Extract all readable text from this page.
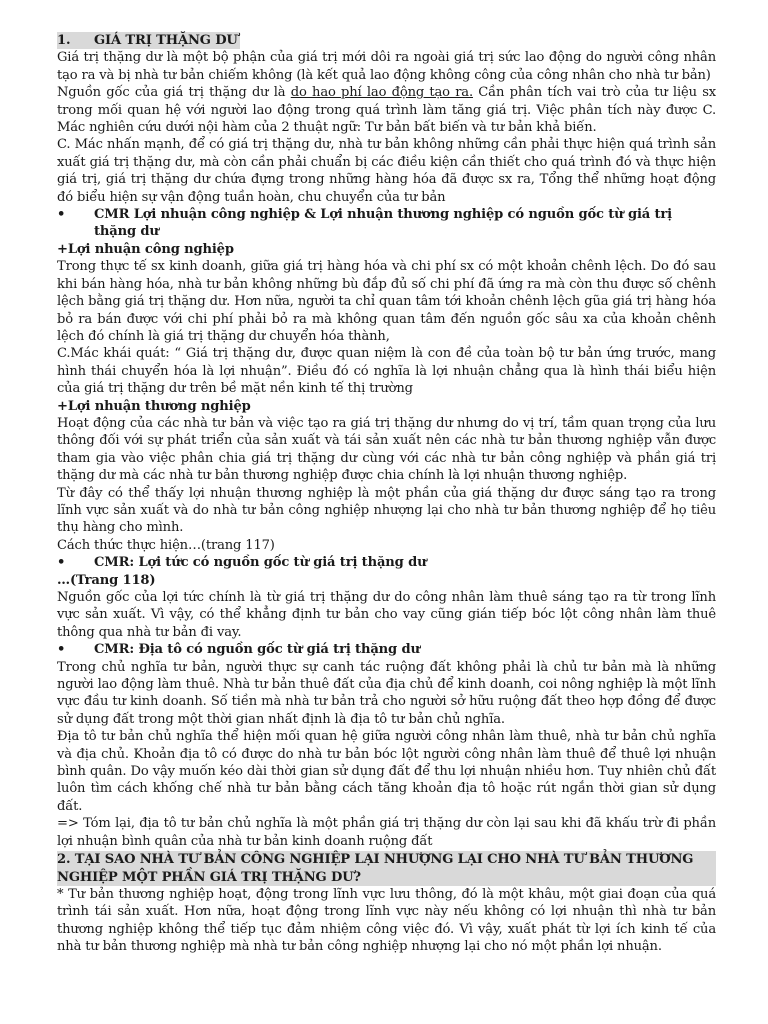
1. GIÁ TRỊ THẶNG DƯ

Giá trị thặng dư là một bộ phận của giá trị mới dôi ra ngoài giá trị sức lao động do người công nhân tạo ra và bị nhà tư bản chiếm không (là kết quả lao động không công của công nhân cho nhà tư bản)

Nguồn gốc của giá trị thặng dư là do hao phí lao động tạo ra. Cần phân tích vai trò của tư liệu sx trong mối quan hệ với người lao động trong quá trình làm tăng giá trị. Việc phân tích này được C. Mác nghiên cứu dưới nội hàm của 2 thuật ngữ: Tư bản bất biến và tư bản khả biến.

C. Mác nhấn mạnh, để có giá trị thặng dư, nhà tư bản không những cần phải thực hiện quá trình sản xuất giá trị thặng dư, mà còn cần phải chuẩn bị các điều kiện cần thiết cho quá trình đó và thực hiện giá trị, giá trị thặng dư chứa đựng trong những hàng hóa đã được sx ra, Tổng thể những hoạt động đó biểu hiện sự vận động tuần hoàn, chu chuyển của tư bản

•	CMR Lợi nhuận công nghiệp & Lợi nhuận thương nghiệp có nguồn gốc từ giá trị thặng dư

+Lợi nhuận công nghiệp

Trong thực tế sx kinh doanh, giữa giá trị hàng hóa và chi phí sx có một khoản chênh lệch. Do đó sau khi bán hàng hóa, nhà tư bản không những bù đắp đủ số chi phí đã ứng ra mà còn thu được số chênh lệch bằng giá trị thặng dư. Hơn nữa, người ta chỉ quan tâm tới khoản chênh lệch gũa giá trị hàng hóa bỏ ra bán được với chi phí phải bỏ ra mà không quan tâm đến nguồn gốc sâu xa của khoản chênh lệch đó chính là giá trị thặng dư chuyển hóa thành,

C.Mác khái quát: “ Giá trị thặng dư, được quan niệm là con đề của toàn bộ tư bản ứng trước, mang hình thái chuyển hóa là lợi nhuận”. Điều đó có nghĩa là lợi nhuận chẳng qua là hình thái biểu hiện của giá trị thặng dư trên bề mặt nền kinh tế thị trường

+Lợi nhuận thương nghiệp

Hoạt động của các nhà tư bản và việc tạo ra giá trị thặng dư nhưng do vị trí, tầm quan trọng của lưu thông đối với sự phát triển của sản xuất và tái sản xuất nên các nhà tư bản thương nghiệp vẫn được tham gia vào việc phân chia giá trị thặng dư cùng với các nhà tư bản công nghiệp và phần giá trị thặng dư mà các nhà tư bản thương nghiệp được chia chính là lợi nhuận thương nghiệp.

Từ đây có thể thấy lợi nhuận thương nghiệp là một phần của giá thặng dư được sáng tạo ra trong lĩnh vực sản xuất và do nhà tư bản công nghiệp nhượng lại cho nhà tư bản thương nghiệp để họ tiêu thụ hàng cho mình.

Cách thức thực hiện…(trang 117)

•	CMR: Lợi tức có nguồn gốc từ giá trị thặng dư

…(Trang 118)

Nguồn gốc của lợi tức chính là từ giá trị thặng dư do công nhân làm thuê sáng tạo ra từ trong lĩnh vực sản xuất. Vì vậy, có thể khẳng định tư bản cho vay cũng gián tiếp bóc lột công nhân làm thuê thông qua nhà tư bản đi vay.

•	CMR: Địa tô có nguồn gốc từ giá trị thặng dư

Trong chủ nghĩa tư bản, người thực sự canh tác ruộng đất không phải là chủ tư bản mà là những người lao động làm thuê. Nhà tư bản thuê đất của địa chủ để kinh doanh, coi nông nghiệp là một lĩnh vực đầu tư kinh doanh. Số tiền mà nhà tư bản trả cho người sở hữu ruộng đất theo hợp đồng để được sử dụng đất trong một thời gian nhất định là địa tô tư bản chủ nghĩa.

Địa tô tư bản chủ nghĩa thể hiện mối quan hệ giữa người công nhân làm thuê, nhà tư bản chủ nghĩa và địa chủ. Khoản địa tô có được do nhà tư bản bóc lột người công nhân làm thuê để thuê lợi nhuận bình quân. Do vậy muốn kéo dài thời gian sử dụng đất để thu lợi nhuận nhiều hơn. Tuy nhiên chủ đất luôn tìm cách khống chế nhà tư bản bằng cách tăng khoản địa tô hoặc rút ngắn thời gian sử dụng đất.

=> Tóm lại, địa tô tư bản chủ nghĩa là một phần giá trị thặng dư còn lại sau khi đã khấu trừ đi phần lợi nhuận bình quân của nhà tư bản kinh doanh ruộng đất

2. TẠI SAO NHÀ TƯ BẢN CÔNG NGHIỆP LẠI NHƯỢNG LẠI CHO NHÀ TƯ BẢN THƯƠNG NGHIỆP MỘT PHẦN GIÁ TRỊ THẶNG DƯ?

* Tư bản thương nghiệp hoạt, động trong lĩnh vực lưu thông, đó là một khâu, một giai đoạn của quá trình tái sản xuất. Hơn nữa, hoạt động trong lĩnh vực này nếu không có lợi nhuận thì nhà tư bản thương nghiệp không thể tiếp tục đảm nhiệm công việc đó. Vì vậy, xuất phát từ lợi ích kinh tế của nhà tư bản thương nghiệp mà nhà tư bản công nghiệp nhượng lại cho nó một phần lợi nhuận.
